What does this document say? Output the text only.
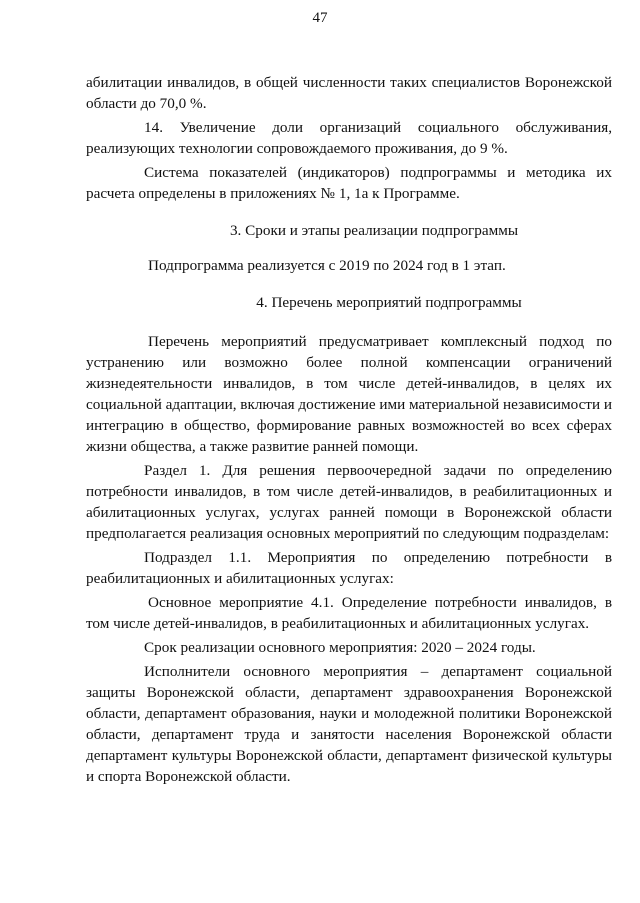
47

абилитации инвалидов, в общей численности таких специалистов Воронежской области до 70,0 %.

14. Увеличение доли организаций социального обслуживания, реализующих технологии сопровождаемого проживания, до 9 %.

Система показателей (индикаторов) подпрограммы и методика их расчета определены в приложениях № 1, 1а к Программе.

3. Сроки и этапы реализации подпрограммы

Подпрограмма реализуется с 2019 по 2024 год в 1 этап.

4. Перечень мероприятий подпрограммы

Перечень мероприятий предусматривает комплексный подход по устранению или возможно более полной компенсации ограничений жизнедеятельности инвалидов, в том числе детей-инвалидов, в целях их социальной адаптации, включая достижение ими материальной независимости и интеграцию в общество, формирование равных возможностей во всех сферах жизни общества, а также развитие ранней помощи.

Раздел 1. Для решения первоочередной задачи по определению потребности инвалидов, в том числе детей-инвалидов, в реабилитационных и абилитационных услугах, услугах ранней помощи в Воронежской области предполагается реализация основных мероприятий по следующим подразделам:

Подраздел 1.1. Мероприятия по определению потребности в реабилитационных и абилитационных услугах:

Основное мероприятие 4.1. Определение потребности инвалидов, в том числе детей-инвалидов, в реабилитационных и абилитационных услугах.

Срок реализации основного мероприятия: 2020 – 2024 годы.

Исполнители основного мероприятия – департамент социальной защиты Воронежской области, департамент здравоохранения Воронежской области, департамент образования, науки и молодежной политики Воронежской области, департамент труда и занятости населения Воронежской области департамент культуры Воронежской области, департамент физической культуры и спорта Воронежской области.
